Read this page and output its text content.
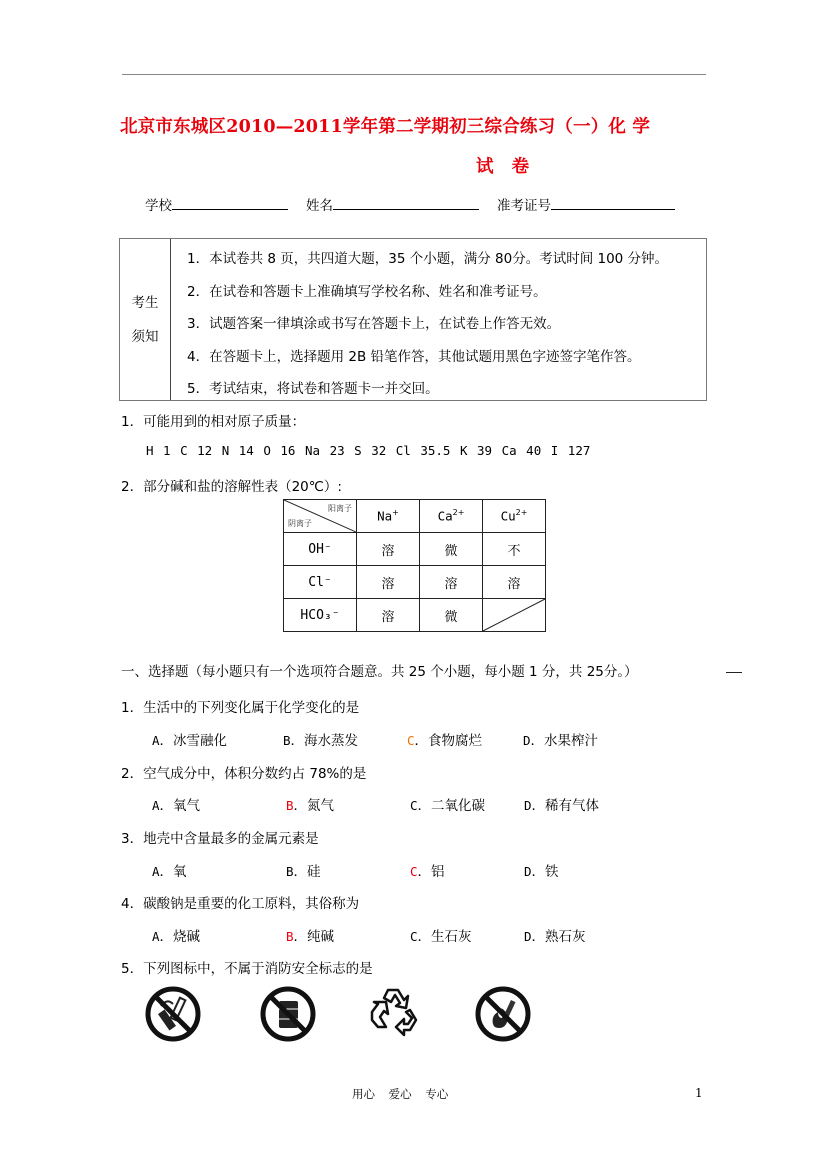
北京市东城区2010—2011学年第二学期初三综合练习（一）化 学
试 卷
学校	姓名	准考证号
考生
须知
1．本试卷共 8 页，共四道大题，35 个小题，满分 80分。考试时间 100 分钟。
2．在试卷和答题卡上准确填写学校名称、姓名和准考证号。
3．试题答案一律填涂或书写在答题卡上，在试卷上作答无效。
4．在答题卡上，选择题用 2B 铅笔作答，其他试题用黑色字迹签字笔作答。
5．考试结束，将试卷和答题卡一并交回。
1．可能用到的相对原子质量：
H 1 C 12 N 14 O 16 Na 23 S 32 Cl 35.5 K 39 Ca 40 I 127
2．部分碱和盐的溶解性表（20℃）:
阳离子
阴离子	Na+	$Ca^{2+}$	$Cu^{2+}$
OH⁻	溶	微	不
Cl⁻	溶	溶	溶
HCO₃⁻	溶	微	
一、选择题（每小题只有一个选项符合题意。共 25 个小题，每小题 1 分，共 25分。）
1．生活中的下列变化属于化学变化的是
A．冰雪融化	B．海水蒸发	C．食物腐烂	D．水果榨汁
2．空气成分中，体积分数约占 78%的是
A．氧气	B．氮气	C．二氧化碳	D．稀有气体
3．地壳中含量最多的金属元素是
A．氧	B．硅	C．铝	D．铁
4．碳酸钠是重要的化工原料，其俗称为
A．烧碱	B．纯碱	C．生石灰	D．熟石灰
5．下列图标中，不属于消防安全标志的是
用心 爱心 专心	1
